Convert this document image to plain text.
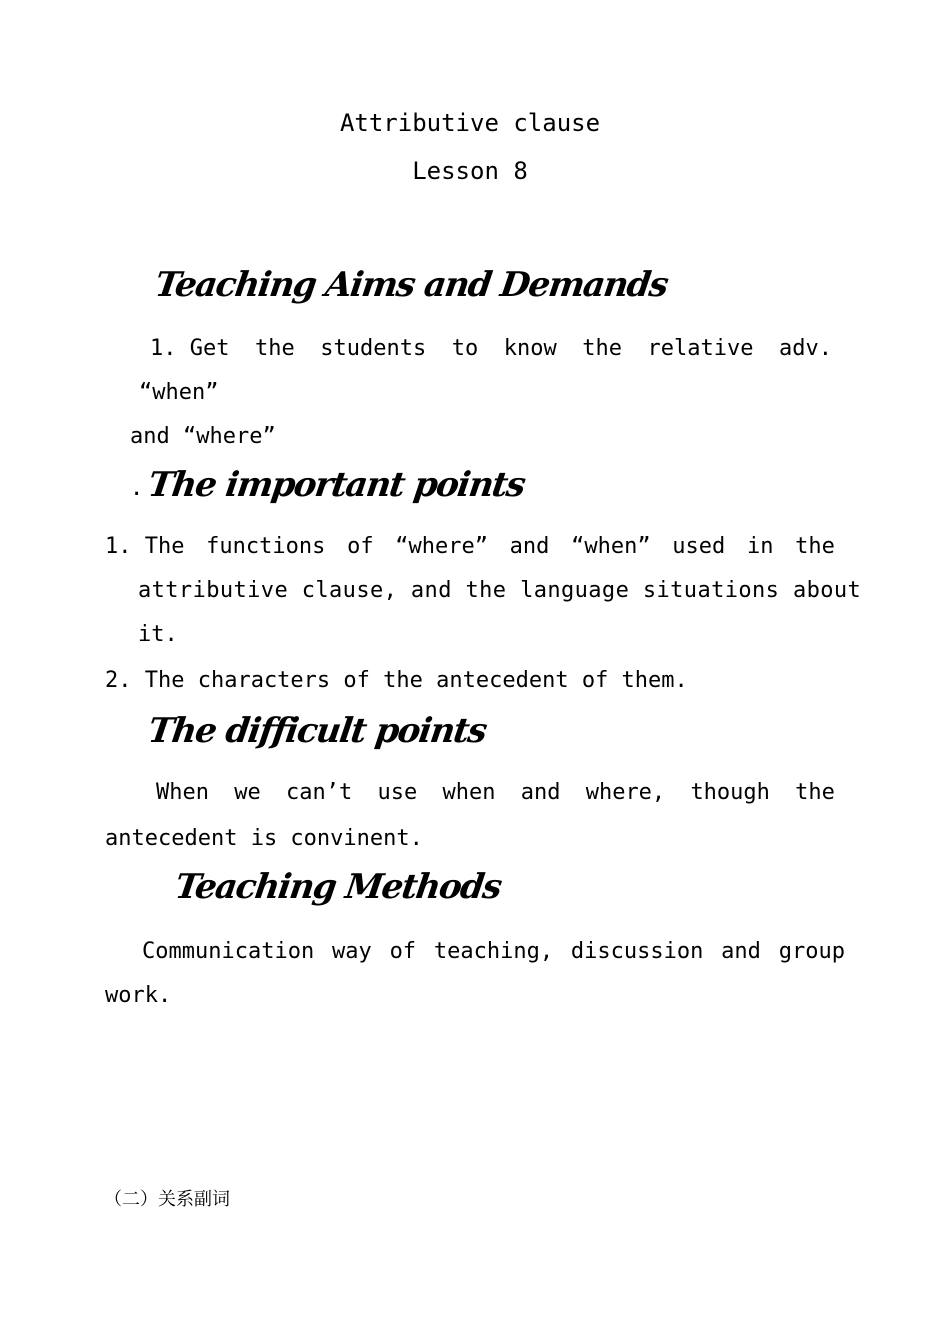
Attributive clause
Lesson 8
Teaching Aims and Demands
1. Get the students to know the relative adv.
“when”
and “where”
. The important points
1. The functions of “where” and “when” used in the
attributive clause, and the language situations about
it.
2. The characters of the antecedent of them.
The difficult points
When we can’t use when and where, though the
antecedent is convinent.
Teaching Methods
Communication way of teaching, discussion and group
work.
（二）关系副词
